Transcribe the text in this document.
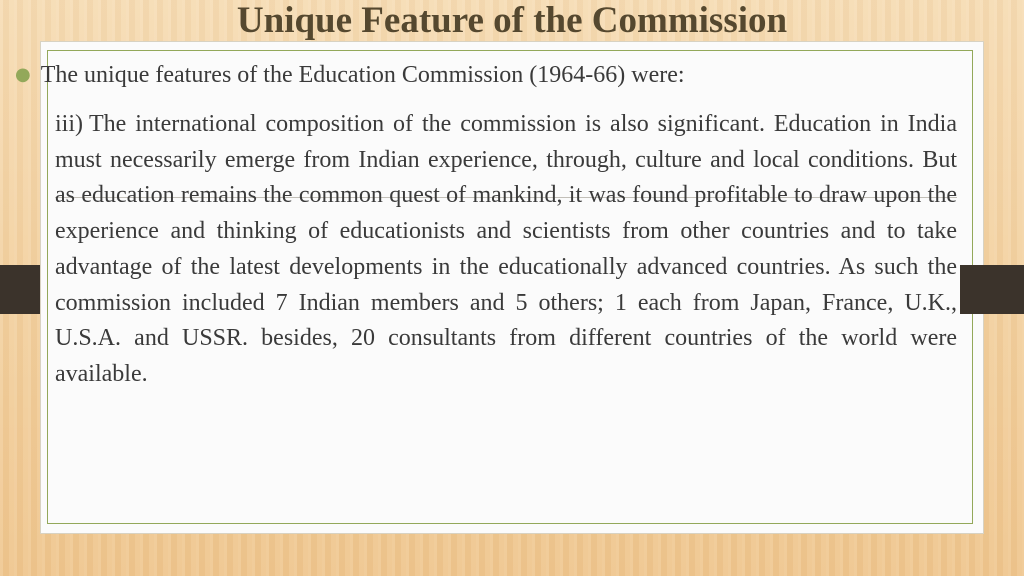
Unique Feature of the Commission
● The unique features of the Education Commission (1964-66) were:

iii) The international composition of the commission is also significant. Education in India must necessarily emerge from Indian experience, through, culture and local conditions. But as education remains the common quest of mankind, it was found profitable to draw upon the experience and thinking of educationists and scientists from other countries and to take advantage of the latest developments in the educationally advanced countries. As such the commission included 7 Indian members and 5 others; 1 each from Japan, France, U.K., U.S.A. and USSR. besides, 20 consultants from different countries of the world were available.
